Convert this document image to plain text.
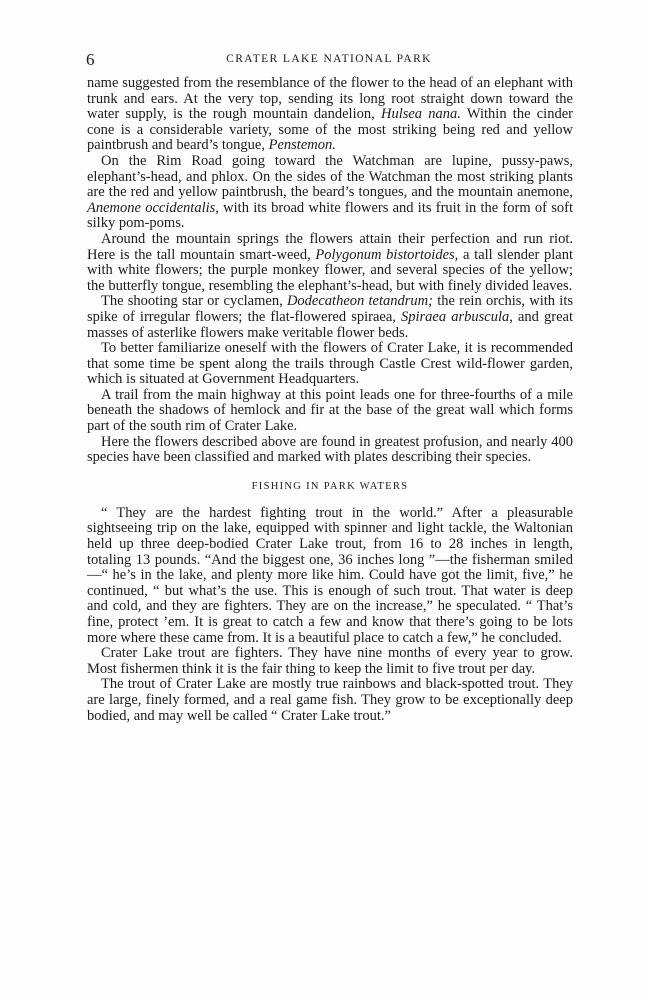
6	CRATER LAKE NATIONAL PARK

name suggested from the resemblance of the flower to the head of an elephant with trunk and ears. At the very top, sending its long root straight down toward the water supply, is the rough mountain dandelion, Hulsea nana. Within the cinder cone is a considerable variety, some of the most striking being red and yellow paintbrush and beard’s tongue, Penstemon.

On the Rim Road going toward the Watchman are lupine, pussy-paws, elephant’s-head, and phlox. On the sides of the Watchman the most striking plants are the red and yellow paintbrush, the beard’s tongues, and the mountain anemone, Anemone occidentalis, with its broad white flowers and its fruit in the form of soft silky pom-poms.

Around the mountain springs the flowers attain their perfection and run riot. Here is the tall mountain smart-weed, Polygonum bistortoides, a tall slender plant with white flowers; the purple monkey flower, and several species of the yellow; the butterfly tongue, resembling the elephant’s-head, but with finely divided leaves.

The shooting star or cyclamen, Dodecatheon tetandrum; the rein orchis, with its spike of irregular flowers; the flat-flowered spiraea, Spiraea arbuscula, and great masses of asterlike flowers make veritable flower beds.

To better familiarize oneself with the flowers of Crater Lake, it is recommended that some time be spent along the trails through Castle Crest wild-flower garden, which is situated at Government Headquarters.

A trail from the main highway at this point leads one for three-fourths of a mile beneath the shadows of hemlock and fir at the base of the great wall which forms part of the south rim of Crater Lake.

Here the flowers described above are found in greatest profusion, and nearly 400 species have been classified and marked with plates describing their species.

FISHING IN PARK WATERS

“ They are the hardest fighting trout in the world.” After a pleasurable sightseeing trip on the lake, equipped with spinner and light tackle, the Waltonian held up three deep-bodied Crater Lake trout, from 16 to 28 inches in length, totaling 13 pounds. “And the biggest one, 36 inches long ”—the fisherman smiled—“ he’s in the lake, and plenty more like him. Could have got the limit, five,” he continued, “ but what’s the use. This is enough of such trout. That water is deep and cold, and they are fighters. They are on the increase,” he speculated. “ That’s fine, protect ’em. It is great to catch a few and know that there’s going to be lots more where these came from. It is a beautiful place to catch a few,” he concluded.

Crater Lake trout are fighters. They have nine months of every year to grow. Most fishermen think it is the fair thing to keep the limit to five trout per day.

The trout of Crater Lake are mostly true rainbows and black-spotted trout. They are large, finely formed, and a real game fish. They grow to be exceptionally deep bodied, and may well be called “ Crater Lake trout.”
